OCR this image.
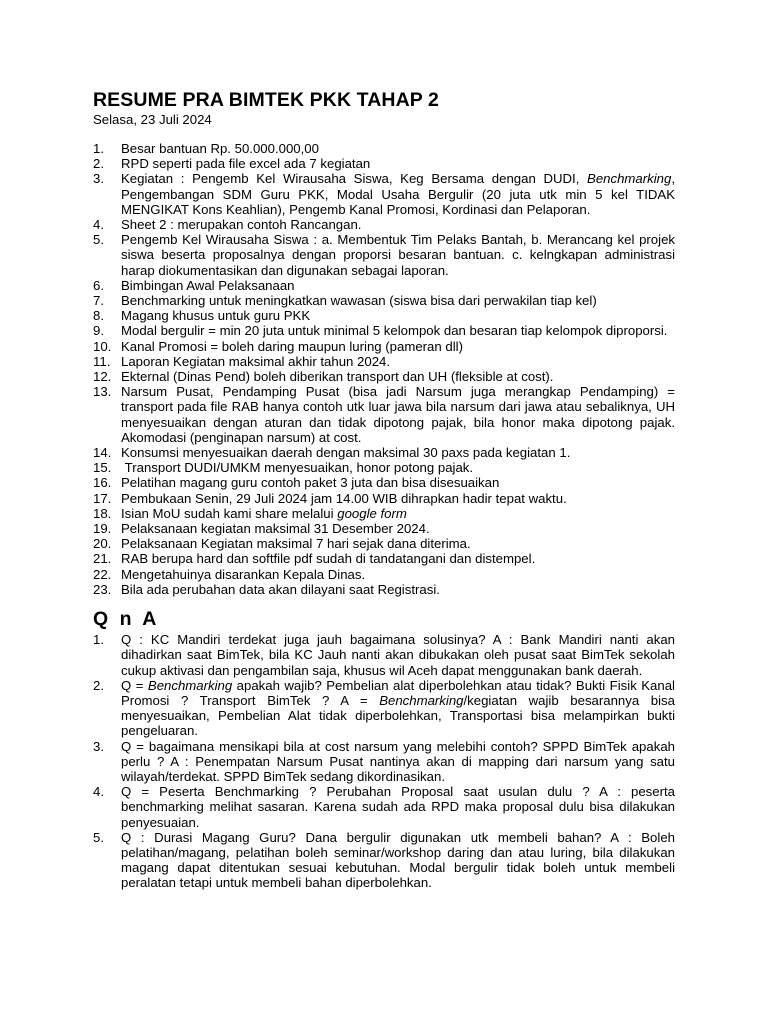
RESUME PRA BIMTEK PKK TAHAP 2

Selasa, 23 Juli 2024

1.	Besar bantuan Rp. 50.000.000,00
2.	RPD seperti pada file excel ada 7 kegiatan
3.	Kegiatan : Pengemb Kel Wirausaha Siswa, Keg Bersama dengan DUDI, Benchmarking, Pengembangan SDM Guru PKK, Modal Usaha Bergulir (20 juta utk min 5 kel TIDAK MENGIKAT Kons Keahlian), Pengemb Kanal Promosi, Kordinasi dan Pelaporan.
4.	Sheet 2 : merupakan contoh Rancangan.
5.	Pengemb Kel Wirausaha Siswa : a. Membentuk Tim Pelaks Bantah, b. Merancang kel projek siswa beserta proposalnya dengan proporsi besaran bantuan. c. kelngkapan administrasi harap diokumentasikan dan digunakan sebagai laporan.
6.	Bimbingan Awal Pelaksanaan
7.	Benchmarking untuk meningkatkan wawasan (siswa bisa dari perwakilan tiap kel)
8.	Magang khusus untuk guru PKK
9.	Modal bergulir = min 20 juta untuk minimal 5 kelompok dan besaran tiap kelompok diproporsi.
10. Kanal Promosi = boleh daring maupun luring (pameran dll)
11. Laporan Kegiatan maksimal akhir tahun 2024.
12. Ekternal (Dinas Pend) boleh diberikan transport dan UH (fleksible at cost).
13. Narsum Pusat, Pendamping Pusat (bisa jadi Narsum juga merangkap Pendamping) = transport pada file RAB hanya contoh utk luar jawa bila narsum dari jawa atau sebaliknya, UH menyesuaikan dengan aturan dan tidak dipotong pajak, bila honor maka dipotong pajak. Akomodasi (penginapan narsum) at cost.
14. Konsumsi menyesuaikan daerah dengan maksimal 30 paxs pada kegiatan 1.
15. Transport DUDI/UMKM menyesuaikan, honor potong pajak.
16. Pelatihan magang guru contoh paket 3 juta dan bisa disesuaikan
17. Pembukaan Senin, 29 Juli 2024 jam 14.00 WIB dihrapkan hadir tepat waktu.
18. Isian MoU sudah kami share melalui google form
19. Pelaksanaan kegiatan maksimal 31 Desember 2024.
20. Pelaksanaan Kegiatan maksimal 7 hari sejak dana diterima.
21. RAB berupa hard dan softfile pdf sudah di tandatangani dan distempel.
22. Mengetahuinya disarankan Kepala Dinas.
23. Bila ada perubahan data akan dilayani saat Registrasi.
Q n A
1.	Q : KC Mandiri terdekat juga jauh bagaimana solusinya? A : Bank Mandiri nanti akan dihadirkan saat BimTek, bila KC Jauh nanti akan dibukakan oleh pusat saat BimTek sekolah cukup aktivasi dan pengambilan saja, khusus wil Aceh dapat menggunakan bank daerah.
2.	Q = Benchmarking apakah wajib? Pembelian alat diperbolehkan atau tidak? Bukti Fisik Kanal Promosi ? Transport BimTek ? A = Benchmarking/kegiatan wajib besarannya bisa menyesuaikan, Pembelian Alat tidak diperbolehkan, Transportasi bisa melampirkan bukti pengeluaran.
3.	Q = bagaimana mensikapi bila at cost narsum yang melebihi contoh? SPPD BimTek apakah perlu ? A : Penempatan Narsum Pusat nantinya akan di mapping dari narsum yang satu wilayah/terdekat. SPPD BimTek sedang dikordinasikan.
4.	Q = Peserta Benchmarking ? Perubahan Proposal saat usulan dulu ? A : peserta benchmarking melihat sasaran. Karena sudah ada RPD maka proposal dulu bisa dilakukan penyesuaian.
5.	Q : Durasi Magang Guru? Dana bergulir digunakan utk membeli bahan? A : Boleh pelatihan/magang, pelatihan boleh seminar/workshop daring dan atau luring, bila dilakukan magang dapat ditentukan sesuai kebutuhan. Modal bergulir tidak boleh untuk membeli peralatan tetapi untuk membeli bahan diperbolehkan.
